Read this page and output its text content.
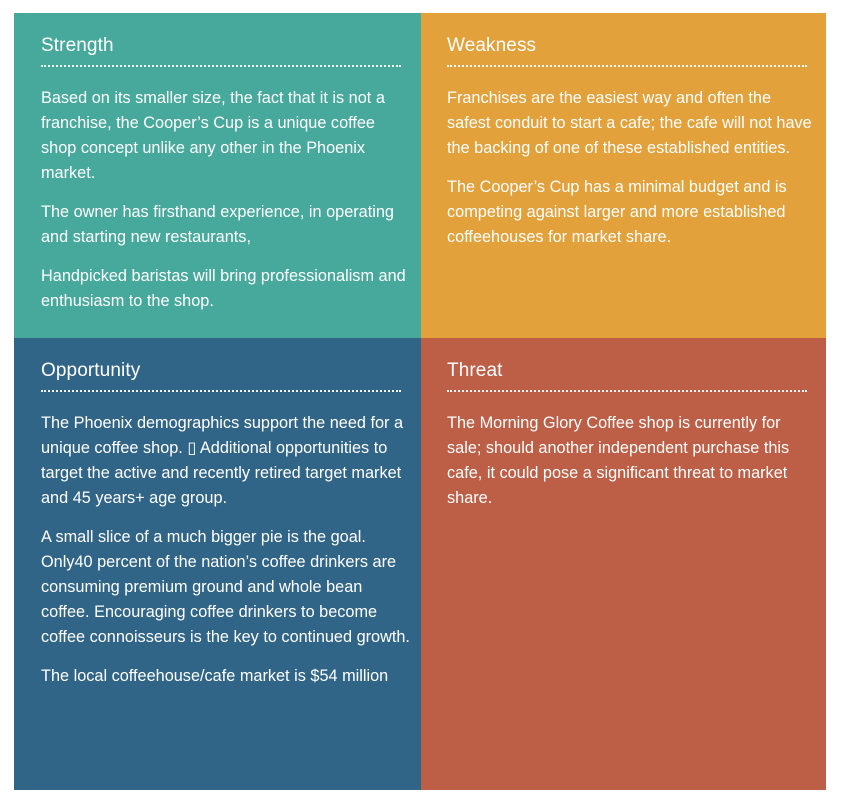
Strength

Based on its smaller size, the fact that it is not a franchise, the Cooper’s Cup is a unique coffee shop concept unlike any other in the Phoenix market.

The owner has firsthand experience, in operating and starting new restaurants,

Handpicked baristas will bring professionalism and enthusiasm to the shop.

Weakness

Franchises are the easiest way and often the safest conduit to start a cafe; the cafe will not have the backing of one of these established entities.

The Cooper’s Cup has a minimal budget and is competing against larger and more established coffeehouses for market share.

Opportunity

The Phoenix demographics support the need for a unique coffee shop. ▯ Additional opportunities to target the active and recently retired target market and 45 years+ age group.

A small slice of a much bigger pie is the goal. Only40 percent of the nation’s coffee drinkers are consuming premium ground and whole bean coffee. Encouraging coffee drinkers to become coffee connoisseurs is the key to continued growth.

The local coffeehouse/cafe market is $54 million

Threat

The Morning Glory Coffee shop is currently for sale; should another independent purchase this cafe, it could pose a significant threat to market share.
